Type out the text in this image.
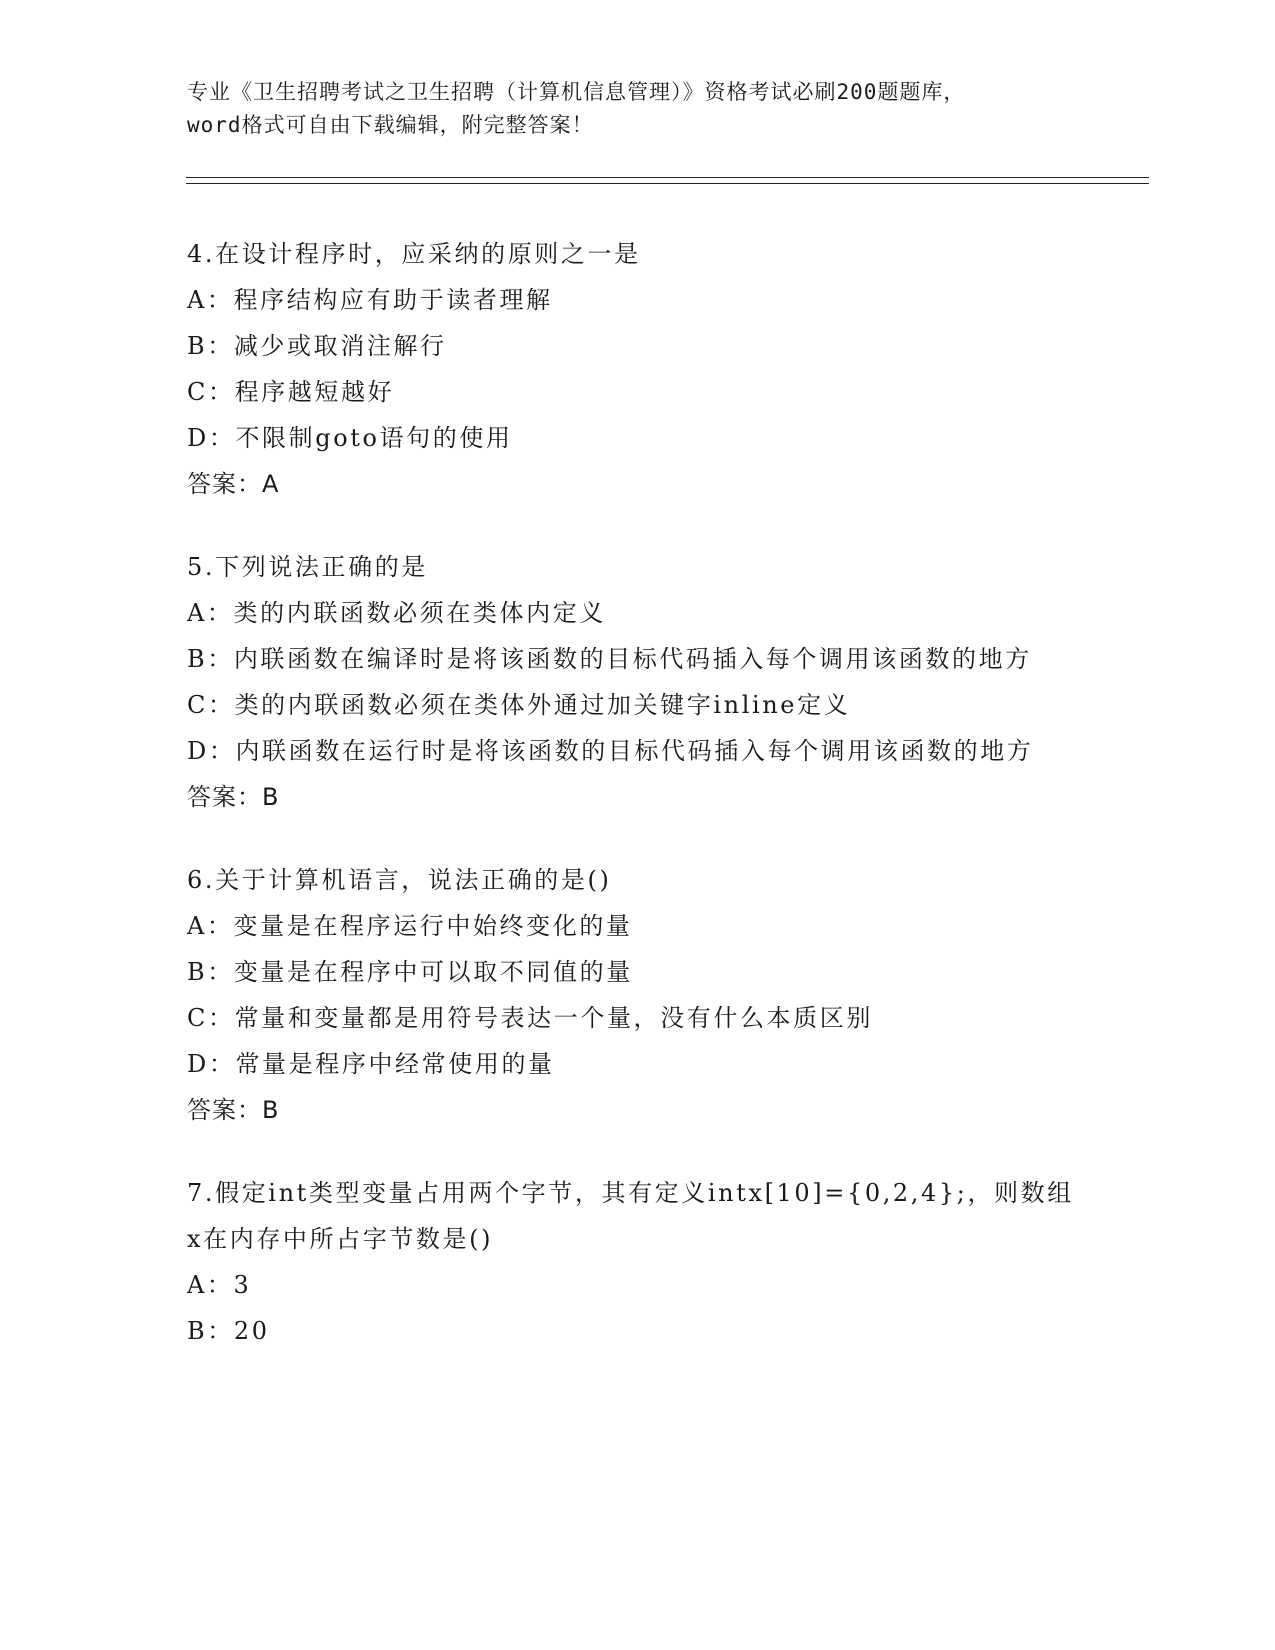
专业《卫生招聘考试之卫生招聘（计算机信息管理）》资格考试必刷200题题库，
word格式可自由下载编辑，附完整答案！
4.在设计程序时，应采纳的原则之一是
A：程序结构应有助于读者理解
B：减少或取消注解行
C：程序越短越好
D：不限制goto语句的使用
答案：A
5.下列说法正确的是
A：类的内联函数必须在类体内定义
B：内联函数在编译时是将该函数的目标代码插入每个调用该函数的地方
C：类的内联函数必须在类体外通过加关键字inline定义
D：内联函数在运行时是将该函数的目标代码插入每个调用该函数的地方
答案：B
6.关于计算机语言，说法正确的是()
A：变量是在程序运行中始终变化的量
B：变量是在程序中可以取不同值的量
C：常量和变量都是用符号表达一个量，没有什么本质区别
D：常量是程序中经常使用的量
答案：B
7.假定int类型变量占用两个字节，其有定义intx[10]={0,2,4};，则数组x在内存中所占字节数是()
A：3
B：20
